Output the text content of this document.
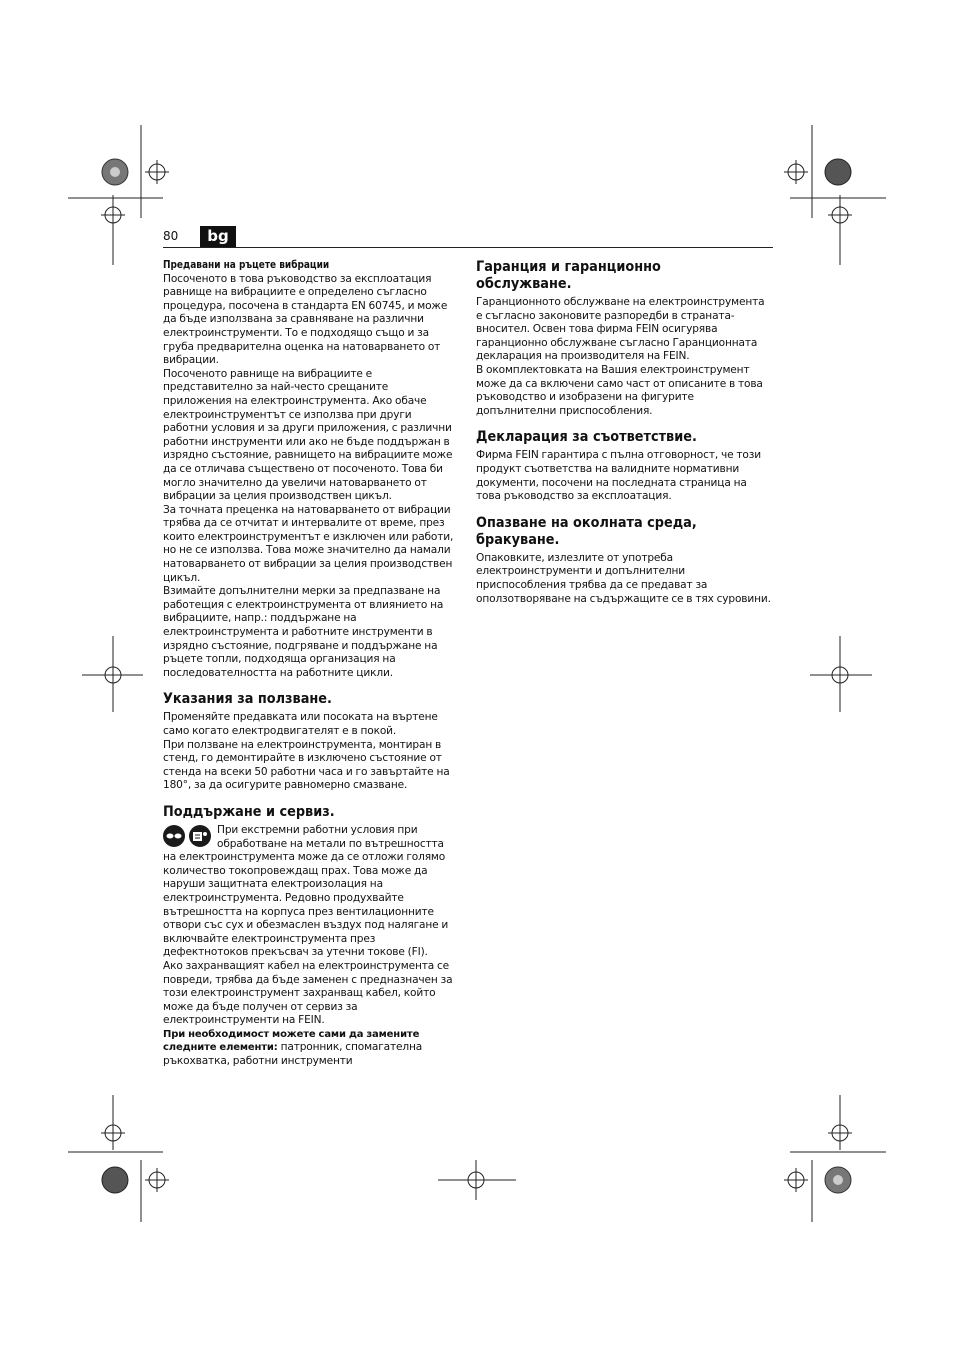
80	bg
Предавани на ръцете вибрации

Посоченото в това ръководство за експлоатация равнище на вибрациите е определено съгласно процедура, посочена в стандарта EN 60745, и може да бъде използвана за сравняване на различни електроинструменти. То е подходящо също и за груба предварителна оценка на натоварването от вибрации.

Посоченото равнище на вибрациите е представително за най-често срещаните приложения на електроинструмента. Ако обаче електроинструментът се използва при други работни условия и за други приложения, с различни работни инструменти или ако не бъде поддържан в изрядно състояние, равнището на вибрациите може да се отличава съществено от посоченото. Това би могло значително да увеличи натоварването от вибрации за целия производствен цикъл.

За точната преценка на натоварването от вибрации трябва да се отчитат и интервалите от време, през които електроинструментът е изключен или работи, но не се използва. Това може значително да намали натоварването от вибрации за целия производствен цикъл.

Взимайте допълнителни мерки за предпазване на работещия с електроинструмента от влиянието на вибрациите, напр.: поддържане на електроинструмента и работните инструменти в изрядно състояние, подгряване и поддържане на ръцете топли, подходяща организация на последователността на работните цикли.

Указания за ползване.

Променяйте предавката или посоката на въртене само когато електродвигателят е в покой.

При ползване на електроинструмента, монтиран в стенд, го демонтирайте в изключено състояние от стенда на всеки 50 работни часа и го завъртайте на 180°, за да осигурите равномерно смазване.

Поддържане и сервиз.

При екстремни работни условия при обработване на метали по вътрешността на електроинструмента може да се отложи голямо количество токопровеждащ прах. Това може да наруши защитната електроизолация на електроинструмента. Редовно продухвайте вътрешността на корпуса през вентилационните отвори със сух и обезмаслен въздух под налягане и включвайте електроинструмента през дефектнотоков прекъсвач за утечни токове (FI).

Ако захранващият кабел на електроинструмента се повреди, трябва да бъде заменен с предназначен за този електроинструмент захранващ кабел, който може да бъде получен от сервиз за електроинструменти на FEIN.

При необходимост можете сами да замените следните елементи: патронник, спомагателна ръкохватка, работни инструменти

Гаранция и гаранционно обслужване.

Гаранционното обслужване на електроинструмента е съгласно законовите разпоредби в страната-вносител. Освен това фирма FEIN осигурява гаранционно обслужване съгласно Гаранционната декларация на производителя на FEIN.

В окомплектовката на Вашия електроинструмент може да са включени само част от описаните в това ръководство и изобразени на фигурите допълнителни приспособления.

Декларация за съответствие.

Фирма FEIN гарантира с пълна отговорност, че този продукт съответства на валидните нормативни документи, посочени на последната страница на това ръководство за експлоатация.

Опазване на околната среда, бракуване.

Опаковките, излезлите от употреба електроинструменти и допълнителни приспособления трябва да се предават за оползотворяване на съдържащите се в тях суровини.
